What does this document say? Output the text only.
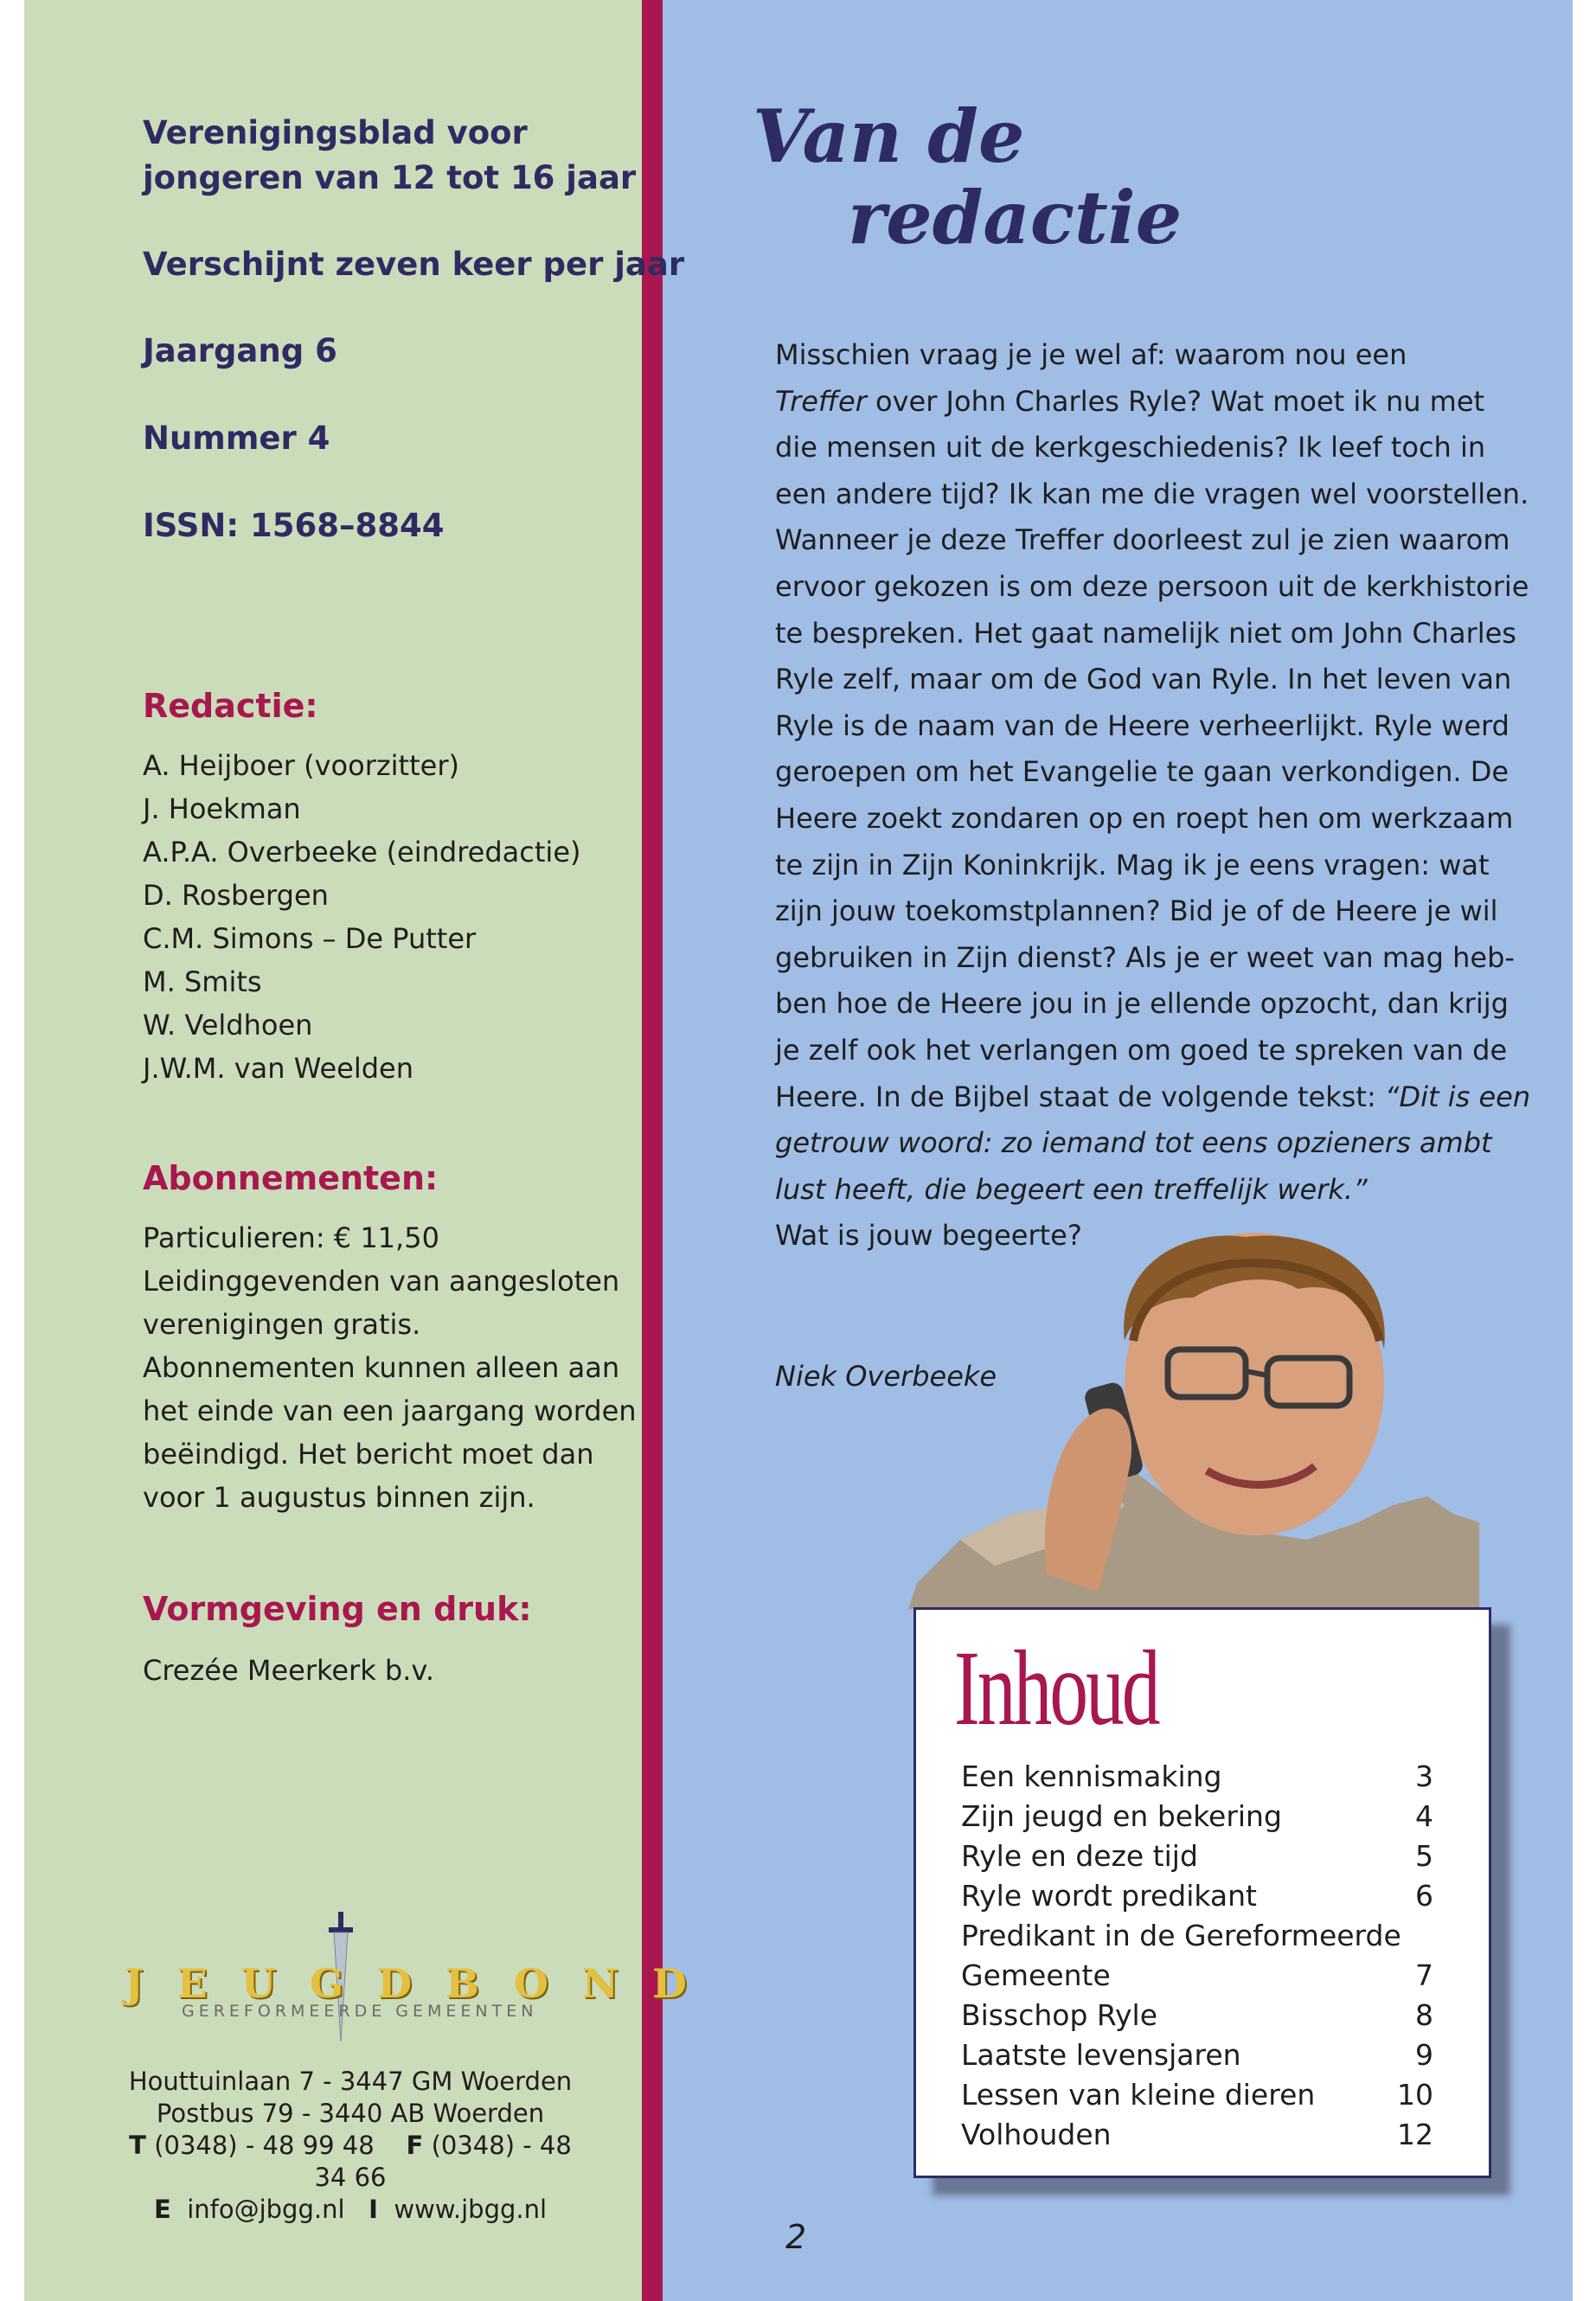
Verenigingsblad voor
jongeren van 12 tot 16 jaar
Verschijnt zeven keer per jaar
Jaargang 6
Nummer 4
ISSN: 1568–8844
Redactie:
A. Heijboer (voorzitter)
J. Hoekman
A.P.A. Overbeeke (eindredactie)
D. Rosbergen
C.M. Simons – De Putter
M. Smits
W. Veldhoen
J.W.M. van Weelden
Abonnementen:
Particulieren: € 11,50
Leidinggevenden van aangesloten
verenigingen gratis.
Abonnementen kunnen alleen aan
het einde van een jaargang worden
beëindigd. Het bericht moet dan
voor 1 augustus binnen zijn.
Vormgeving en druk:
Crezée Meerkerk b.v.
JEUGDBOND
GEREFORMEERDE GEMEENTEN
Houttuinlaan 7 - 3447 GM Woerden
Postbus 79 - 3440 AB Woerden
T (0348) - 48 99 48 F (0348) - 48 34 66
E info@jbgg.nl I www.jbgg.nl
Van de
redactie
Misschien vraag je je wel af: waarom nou een
Treffer over John Charles Ryle? Wat moet ik nu met
die mensen uit de kerkgeschiedenis? Ik leef toch in
een andere tijd? Ik kan me die vragen wel voorstellen.
Wanneer je deze Treffer doorleest zul je zien waarom
ervoor gekozen is om deze persoon uit de kerkhistorie
te bespreken. Het gaat namelijk niet om John Charles
Ryle zelf, maar om de God van Ryle. In het leven van
Ryle is de naam van de Heere verheerlijkt. Ryle werd
geroepen om het Evangelie te gaan verkondigen. De
Heere zoekt zondaren op en roept hen om werkzaam
te zijn in Zijn Koninkrijk. Mag ik je eens vragen: wat
zijn jouw toekomstplannen? Bid je of de Heere je wil
gebruiken in Zijn dienst? Als je er weet van mag heb-
ben hoe de Heere jou in je ellende opzocht, dan krijg
je zelf ook het verlangen om goed te spreken van de
Heere. In de Bijbel staat de volgende tekst: “Dit is een
getrouw woord: zo iemand tot eens opzieners ambt
lust heeft, die begeert een treffelijk werk.”
Wat is jouw begeerte?
Niek Overbeeke
Inhoud
Een kennismaking	3
Zijn jeugd en bekering	4
Ryle en deze tijd	5
Ryle wordt predikant	6
Predikant in de Gereformeerde
Gemeente	7
Bisschop Ryle	8
Laatste levensjaren	9
Lessen van kleine dieren	10
Volhouden	12
2
